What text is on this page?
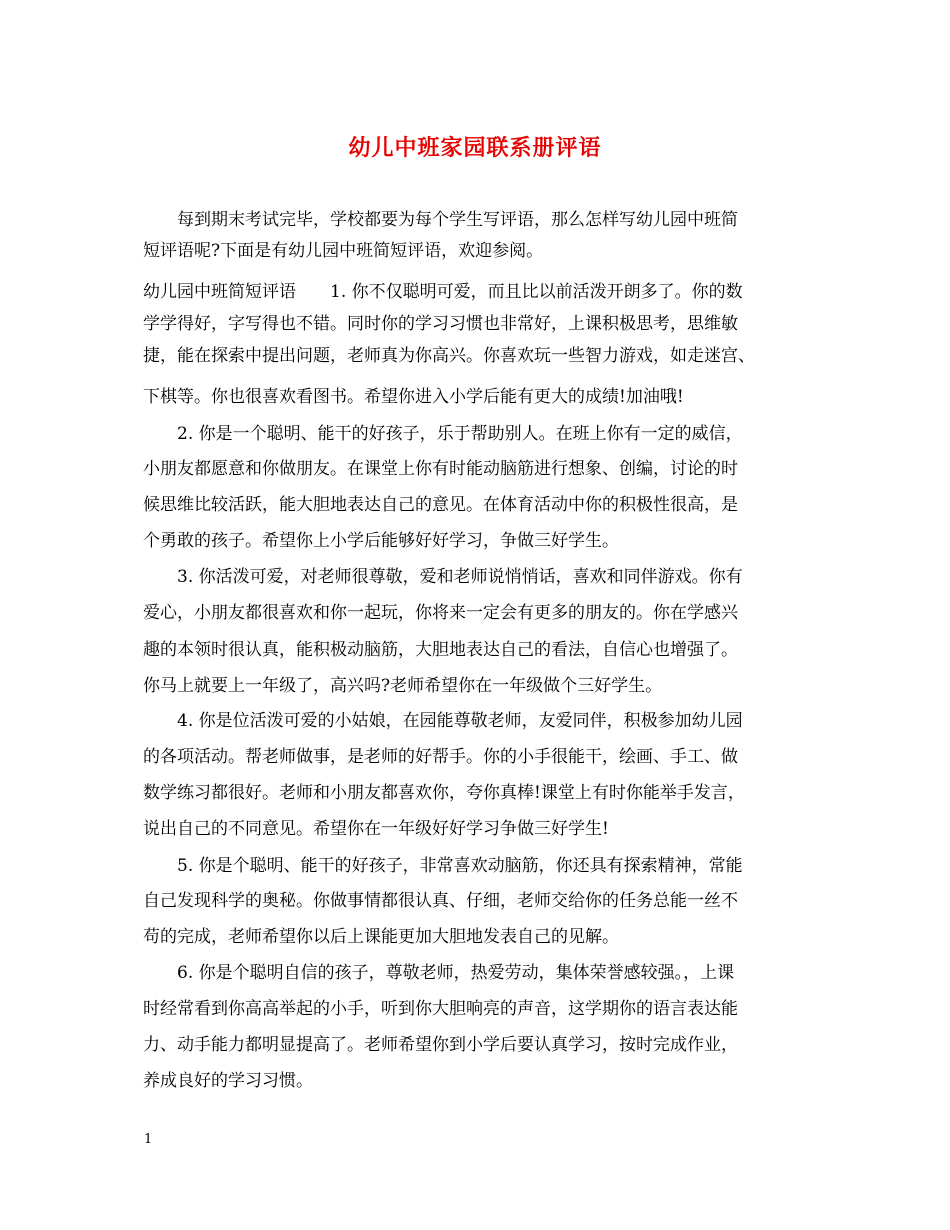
幼儿中班家园联系册评语
　　每到期末考试完毕，学校都要为每个学生写评语，那么怎样写幼儿园中班简
短评语呢?下面是有幼儿园中班简短评语，欢迎参阅。
幼儿园中班简短评语　　1. 你不仅聪明可爱，而且比以前活泼开朗多了。你的数
学学得好，字写得也不错。同时你的学习习惯也非常好，上课积极思考，思维敏
捷，能在探索中提出问题，老师真为你高兴。你喜欢玩一些智力游戏，如走迷宫、
下棋等。你也很喜欢看图书。希望你进入小学后能有更大的成绩!加油哦!
　　2. 你是一个聪明、能干的好孩子，乐于帮助别人。在班上你有一定的威信，
小朋友都愿意和你做朋友。在课堂上你有时能动脑筋进行想象、创编，讨论的时
候思维比较活跃，能大胆地表达自己的意见。在体育活动中你的积极性很高，是
个勇敢的孩子。希望你上小学后能够好好学习，争做三好学生。
　　3. 你活泼可爱，对老师很尊敬，爱和老师说悄悄话，喜欢和同伴游戏。你有
爱心，小朋友都很喜欢和你一起玩，你将来一定会有更多的朋友的。你在学感兴
趣的本领时很认真，能积极动脑筋，大胆地表达自己的看法，自信心也增强了。
你马上就要上一年级了，高兴吗?老师希望你在一年级做个三好学生。
　　4. 你是位活泼可爱的小姑娘，在园能尊敬老师，友爱同伴，积极参加幼儿园
的各项活动。帮老师做事，是老师的好帮手。你的小手很能干，绘画、手工、做
数学练习都很好。老师和小朋友都喜欢你，夸你真棒!课堂上有时你能举手发言，
说出自己的不同意见。希望你在一年级好好学习争做三好学生!
　　5. 你是个聪明、能干的好孩子，非常喜欢动脑筋，你还具有探索精神，常能
自己发现科学的奥秘。你做事情都很认真、仔细，老师交给你的任务总能一丝不
苟的完成，老师希望你以后上课能更加大胆地发表自己的见解。
　　6. 你是个聪明自信的孩子，尊敬老师，热爱劳动，集体荣誉感较强。，上课
时经常看到你高高举起的小手，听到你大胆响亮的声音，这学期你的语言表达能
力、动手能力都明显提高了。老师希望你到小学后要认真学习，按时完成作业，
养成良好的学习习惯。
1
